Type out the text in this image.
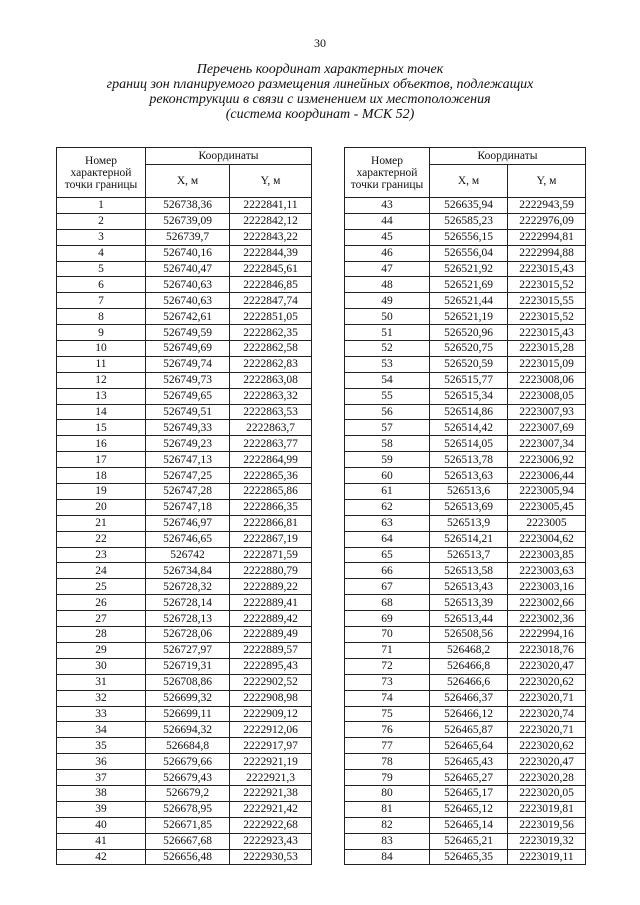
30
Перечень координат характерных точек
границ зон планируемого размещения линейных объектов, подлежащих
реконструкции в связи с изменением их местоположения
(система координат - МСК 52)
Номер характерной точки границы	Координаты	
	X, м	Y, м
1	526738,36	2222841,11
2	526739,09	2222842,12
3	526739,7	2222843,22
4	526740,16	2222844,39
5	526740,47	2222845,61
6	526740,63	2222846,85
7	526740,63	2222847,74
8	526742,61	2222851,05
9	526749,59	2222862,35
10	526749,69	2222862,58
11	526749,74	2222862,83
12	526749,73	2222863,08
13	526749,65	2222863,32
14	526749,51	2222863,53
15	526749,33	2222863,7
16	526749,23	2222863,77
17	526747,13	2222864,99
18	526747,25	2222865,36
19	526747,28	2222865,86
20	526747,18	2222866,35
21	526746,97	2222866,81
22	526746,65	2222867,19
23	526742	2222871,59
24	526734,84	2222880,79
25	526728,32	2222889,22
26	526728,14	2222889,41
27	526728,13	2222889,42
28	526728,06	2222889,49
29	526727,97	2222889,57
30	526719,31	2222895,43
31	526708,86	2222902,52
32	526699,32	2222908,98
33	526699,11	2222909,12
34	526694,32	2222912,06
35	526684,8	2222917,97
36	526679,66	2222921,19
37	526679,43	2222921,3
38	526679,2	2222921,38
39	526678,95	2222921,42
40	526671,85	2222922,68
41	526667,68	2222923,43
42	526656,48	2222930,53
Номер характерной точки границы	Координаты	
	X, м	Y, м
43	526635,94	2222943,59
44	526585,23	2222976,09
45	526556,15	2222994,81
46	526556,04	2222994,88
47	526521,92	2223015,43
48	526521,69	2223015,52
49	526521,44	2223015,55
50	526521,19	2223015,52
51	526520,96	2223015,43
52	526520,75	2223015,28
53	526520,59	2223015,09
54	526515,77	2223008,06
55	526515,34	2223008,05
56	526514,86	2223007,93
57	526514,42	2223007,69
58	526514,05	2223007,34
59	526513,78	2223006,92
60	526513,63	2223006,44
61	526513,6	2223005,94
62	526513,69	2223005,45
63	526513,9	2223005
64	526514,21	2223004,62
65	526513,7	2223003,85
66	526513,58	2223003,63
67	526513,43	2223003,16
68	526513,39	2223002,66
69	526513,44	2223002,36
70	526508,56	2222994,16
71	526468,2	2223018,76
72	526466,8	2223020,47
73	526466,6	2223020,62
74	526466,37	2223020,71
75	526466,12	2223020,74
76	526465,87	2223020,71
77	526465,64	2223020,62
78	526465,43	2223020,47
79	526465,27	2223020,28
80	526465,17	2223020,05
81	526465,12	2223019,81
82	526465,14	2223019,56
83	526465,21	2223019,32
84	526465,35	2223019,11
